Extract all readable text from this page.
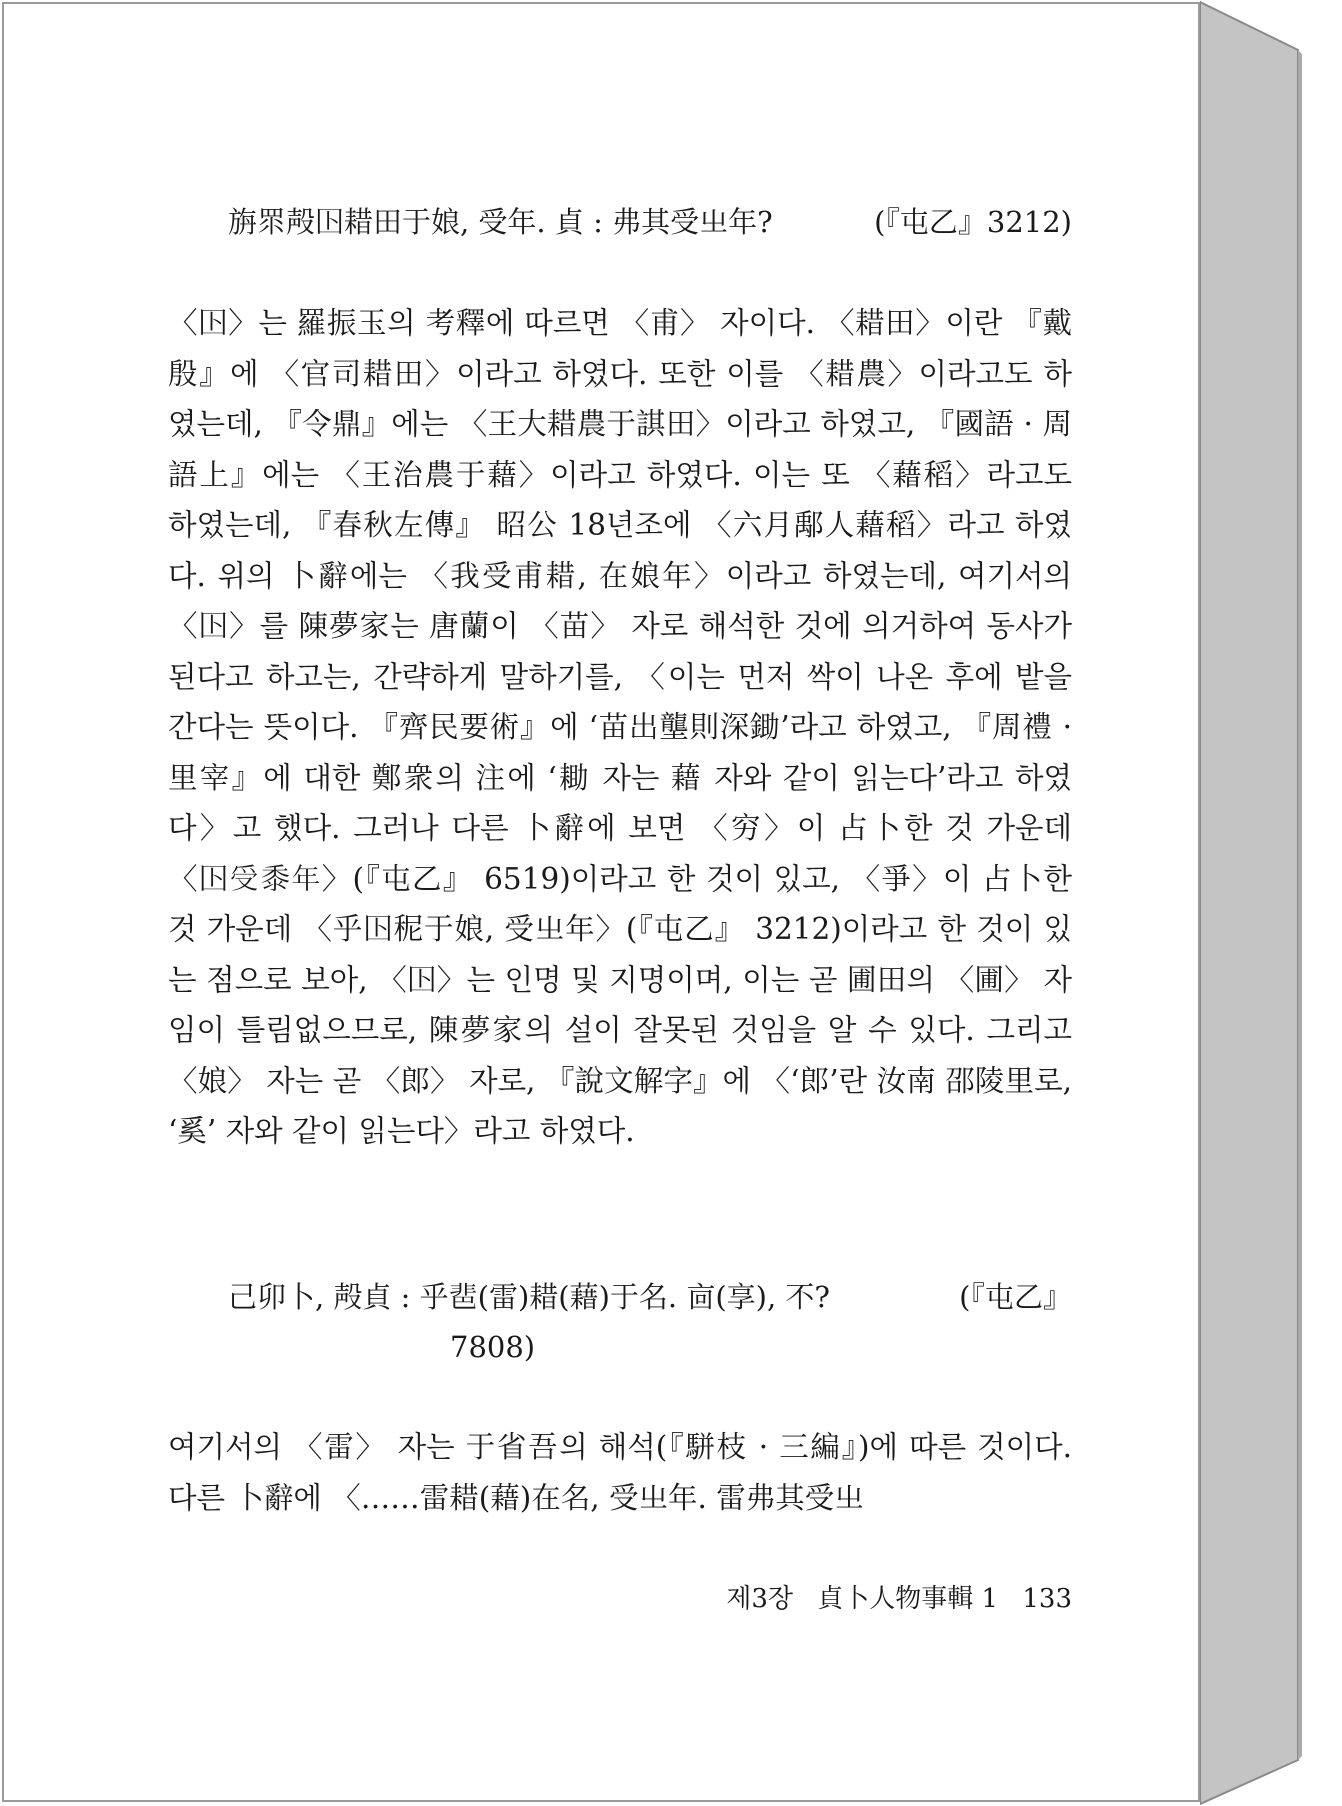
旃眔殸𡆥耤田于娘, 受年. 貞 : 弗其受㞢年?	(『屯乙』3212)
〈𡆥〉는 羅振玉의 考釋에 따르면 〈甫〉 자이다. 〈耤田〉이란 『戴殷』에 〈官司耤田〉이라고 하였다. 또한 이를 〈耤農〉이라고도 하였는데, 『令鼎』에는 〈王大耤農于諆田〉이라고 하였고, 『國語 · 周語上』에는 〈王治農于藉〉이라고 하였다. 이는 또 〈藉稻〉라고도 하였는데, 『春秋左傳』 昭公 18년조에 〈六月鄅人藉稻〉라고 하였다. 위의 卜辭에는 〈我受甫耤, 在娘年〉이라고 하였는데, 여기서의 〈𡆥〉를 陳夢家는 唐蘭이 〈苗〉 자로 해석한 것에 의거하여 동사가 된다고 하고는, 간략하게 말하기를, 〈이는 먼저 싹이 나온 후에 밭을 간다는 뜻이다. 『齊民要術』에 ‘苗出壟則深鋤’라고 하였고, 『周禮 · 里宰』에 대한 鄭衆의 注에 ‘耡 자는 藉 자와 같이 읽는다’라고 하였다〉고 했다. 그러나 다른 卜辭에 보면 〈穷〉이 占卜한 것 가운데 〈𡆥受黍年〉(『屯乙』 6519)이라고 한 것이 있고, 〈爭〉이 占卜한 것 가운데 〈乎𡆥秜于娘, 受㞢年〉(『屯乙』 3212)이라고 한 것이 있는 점으로 보아, 〈𡆥〉는 인명 및 지명이며, 이는 곧 圃田의 〈圃〉 자임이 틀림없으므로, 陳夢家의 설이 잘못된 것임을 알 수 있다. 그리고 〈娘〉 자는 곧 〈郎〉 자로, 『說文解字』에 〈‘郎’란 汝南 邵陵里로, ‘奚’ 자와 같이 읽는다〉라고 하였다.
己卯卜, 殸貞 : 乎𩇯(雷)耤(藉)于名. 㐭(享), 不?	(『屯乙』
7808)
여기서의 〈雷〉 자는 于省吾의 해석(『駢枝 · 三編』)에 따른 것이다. 다른 卜辭에 〈……雷耤(藉)在名, 受㞢年. 雷弗其受㞢
제3장 貞卜人物事輯 1 133
